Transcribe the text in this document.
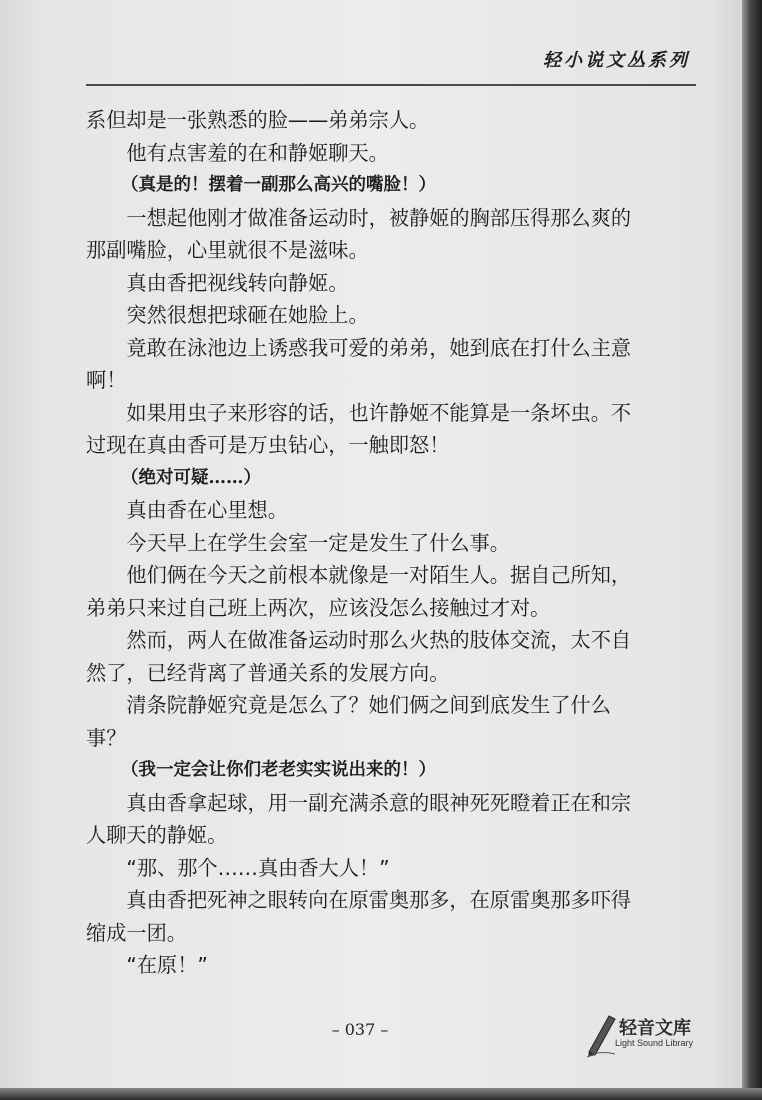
轻小说文丛系列
系但却是一张熟悉的脸——弟弟宗人。
他有点害羞的在和静姬聊天。
（真是的！摆着一副那么高兴的嘴脸！）
一想起他刚才做准备运动时，被静姬的胸部压得那么爽的
那副嘴脸，心里就很不是滋味。
真由香把视线转向静姬。
突然很想把球砸在她脸上。
竟敢在泳池边上诱惑我可爱的弟弟，她到底在打什么主意
啊！
如果用虫子来形容的话，也许静姬不能算是一条坏虫。不
过现在真由香可是万虫钻心，一触即怒！
（绝对可疑……）
真由香在心里想。
今天早上在学生会室一定是发生了什么事。
他们俩在今天之前根本就像是一对陌生人。据自己所知，
弟弟只来过自己班上两次，应该没怎么接触过才对。
然而，两人在做准备运动时那么火热的肢体交流，太不自
然了，已经背离了普通关系的发展方向。
清条院静姬究竟是怎么了？她们俩之间到底发生了什么
事？
（我一定会让你们老老实实说出来的！）
真由香拿起球，用一副充满杀意的眼神死死瞪着正在和宗
人聊天的静姬。
“那、那个……真由香大人！”
真由香把死神之眼转向在原雷奥那多，在原雷奥那多吓得
缩成一团。
“在原！”
– 037 –	轻音文库
Light Sound Library
